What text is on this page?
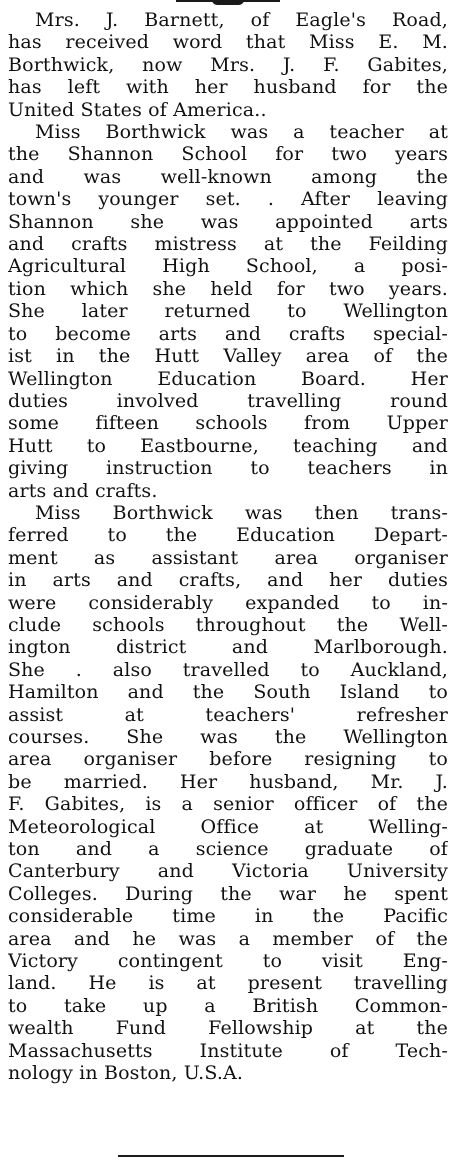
Mrs. J. Barnett, of Eagle's Road,
has received word that Miss E. M.
Borthwick, now Mrs. J. F. Gabites,
has left with her husband for the
United States of America..
Miss Borthwick was a teacher at
the Shannon School for two years
and was well-known among the
town's younger set. . After leaving
Shannon she was appointed arts
and crafts mistress at the Feilding
Agricultural High School, a posi-
tion which she held for two years.
She later returned to Wellington
to become arts and crafts special-
ist in the Hutt Valley area of the
Wellington Education Board. Her
duties involved travelling round
some fifteen schools from Upper
Hutt to Eastbourne, teaching and
giving instruction to teachers in
arts and crafts.
Miss Borthwick was then trans-
ferred to the Education Depart-
ment as assistant area organiser
in arts and crafts, and her duties
were considerably expanded to in-
clude schools throughout the Well-
ington district and Marlborough.
She . also travelled to Auckland,
Hamilton and the South Island to
assist at teachers' refresher
courses. She was the Wellington
area organiser before resigning to
be married. Her husband, Mr. J.
F. Gabites, is a senior officer of the
Meteorological Office at Welling-
ton and a science graduate of
Canterbury and Victoria University
Colleges. During the war he spent
considerable time in the Pacific
area and he was a member of the
Victory contingent to visit Eng-
land. He is at present travelling
to take up a British Common-
wealth Fund Fellowship at the
Massachusetts Institute of Tech-
nology in Boston, U.S.A.
